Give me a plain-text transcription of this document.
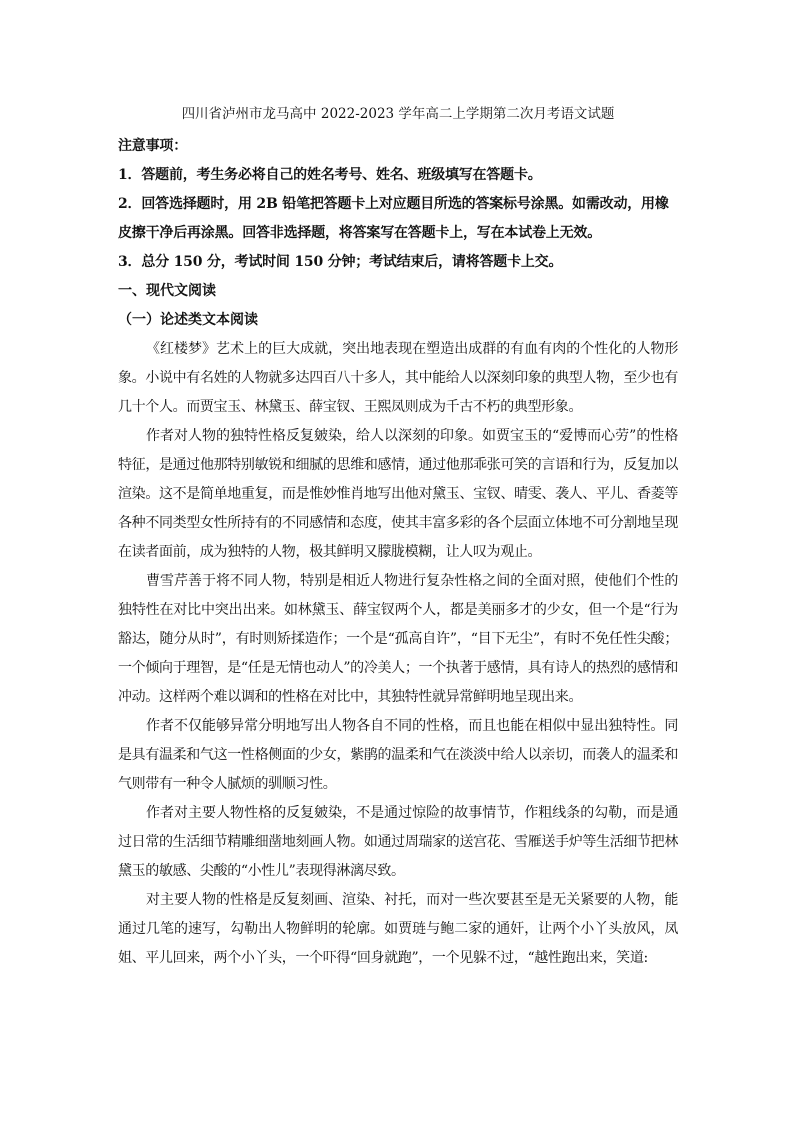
四川省泸州市龙马高中 2022-2023 学年高二上学期第二次月考语文试题

注意事项：

1．答题前，考生务必将自己的姓名考号、姓名、班级填写在答题卡。

2．回答选择题时，用 2B 铅笔把答题卡上对应题目所选的答案标号涂黑。如需改动，用橡皮擦干净后再涂黑。回答非选择题，将答案写在答题卡上，写在本试卷上无效。

3．总分 150 分，考试时间 150 分钟；考试结束后，请将答题卡上交。

一、现代文阅读

（一）论述类文本阅读

《红楼梦》艺术上的巨大成就，突出地表现在塑造出成群的有血有肉的个性化的人物形象。小说中有名姓的人物就多达四百八十多人，其中能给人以深刻印象的典型人物，至少也有几十个人。而贾宝玉、林黛玉、薛宝钗、王熙凤则成为千古不朽的典型形象。

作者对人物的独特性格反复皴染，给人以深刻的印象。如贾宝玉的“爱博而心劳”的性格特征，是通过他那特别敏锐和细腻的思维和感情，通过他那乖张可笑的言语和行为，反复加以渲染。这不是简单地重复，而是惟妙惟肖地写出他对黛玉、宝钗、晴雯、袭人、平儿、香菱等各种不同类型女性所持有的不同感情和态度，使其丰富多彩的各个层面立体地不可分割地呈现在读者面前，成为独特的人物，极其鲜明又朦胧模糊，让人叹为观止。

曹雪芹善于将不同人物，特别是相近人物进行复杂性格之间的全面对照，使他们个性的独特性在对比中突出出来。如林黛玉、薛宝钗两个人，都是美丽多才的少女，但一个是“行为豁达，随分从时”，有时则矫揉造作；一个是“孤高自许”，“目下无尘”，有时不免任性尖酸；一个倾向于理智，是“任是无情也动人”的冷美人；一个执著于感情，具有诗人的热烈的感情和冲动。这样两个难以调和的性格在对比中，其独特性就异常鲜明地呈现出来。

作者不仅能够异常分明地写出人物各自不同的性格，而且也能在相似中显出独特性。同是具有温柔和气这一性格侧面的少女，紫鹃的温柔和气在淡淡中给人以亲切，而袭人的温柔和气则带有一种令人腻烦的驯顺习性。

作者对主要人物性格的反复皴染，不是通过惊险的故事情节，作粗线条的勾勒，而是通过日常的生活细节精雕细凿地刻画人物。如通过周瑞家的送宫花、雪雁送手炉等生活细节把林黛玉的敏感、尖酸的“小性儿”表现得淋漓尽致。

对主要人物的性格是反复刻画、渲染、衬托，而对一些次要甚至是无关紧要的人物，能通过几笔的速写，勾勒出人物鲜明的轮廓。如贾琏与鲍二家的通奸，让两个小丫头放风，凤姐、平儿回来，两个小丫头，一个吓得“回身就跑”，一个见躲不过，“越性跑出来，笑道:
